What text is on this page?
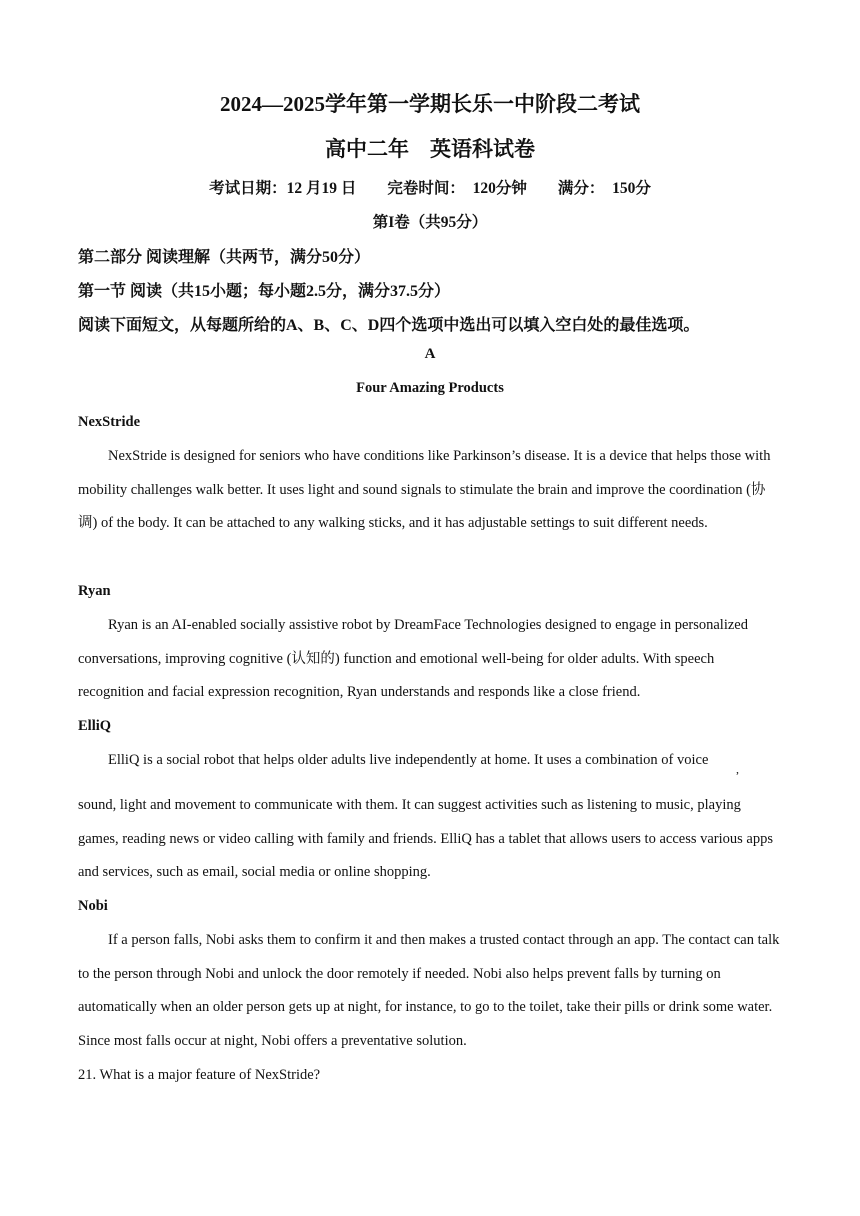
2024—2025学年第一学期长乐一中阶段二考试
高中二年　英语科试卷
考试日期：12 月19 日　　完卷时间：　120分钟　　满分：　150分
第I卷（共95分）
第二部分 阅读理解（共两节，满分50分）
第一节 阅读（共15小题；每小题2.5分，满分37.5分）
阅读下面短文，从每题所给的A、B、C、D四个选项中选出可以填入空白处的最佳选项。
A
Four Amazing Products
NexStride
NexStride is designed for seniors who have conditions like Parkinson’s disease. It is a device that helps those with mobility challenges walk better. It uses light and sound signals to stimulate the brain and improve the coordination (协调) of the body. It can be attached to any walking sticks, and it has adjustable settings to suit different needs.
Ryan
Ryan is an AI-enabled socially assistive robot by DreamFace Technologies designed to engage in personalized conversations, improving cognitive (认知的) function and emotional well-being for older adults. With speech recognition and facial expression recognition, Ryan understands and responds like a close friend.
ElliQ
ElliQ is a social robot that helps older adults live independently at home. It uses a combination of voice
,
sound, light and movement to communicate with them. It can suggest activities such as listening to music, playing games, reading news or video calling with family and friends. ElliQ has a tablet that allows users to access various apps and services, such as email, social media or online shopping.
Nobi
If a person falls, Nobi asks them to confirm it and then makes a trusted contact through an app. The contact can talk to the person through Nobi and unlock the door remotely if needed. Nobi also helps prevent falls by turning on automatically when an older person gets up at night, for instance, to go to the toilet, take their pills or drink some water. Since most falls occur at night, Nobi offers a preventative solution.
21. What is a major feature of NexStride?
